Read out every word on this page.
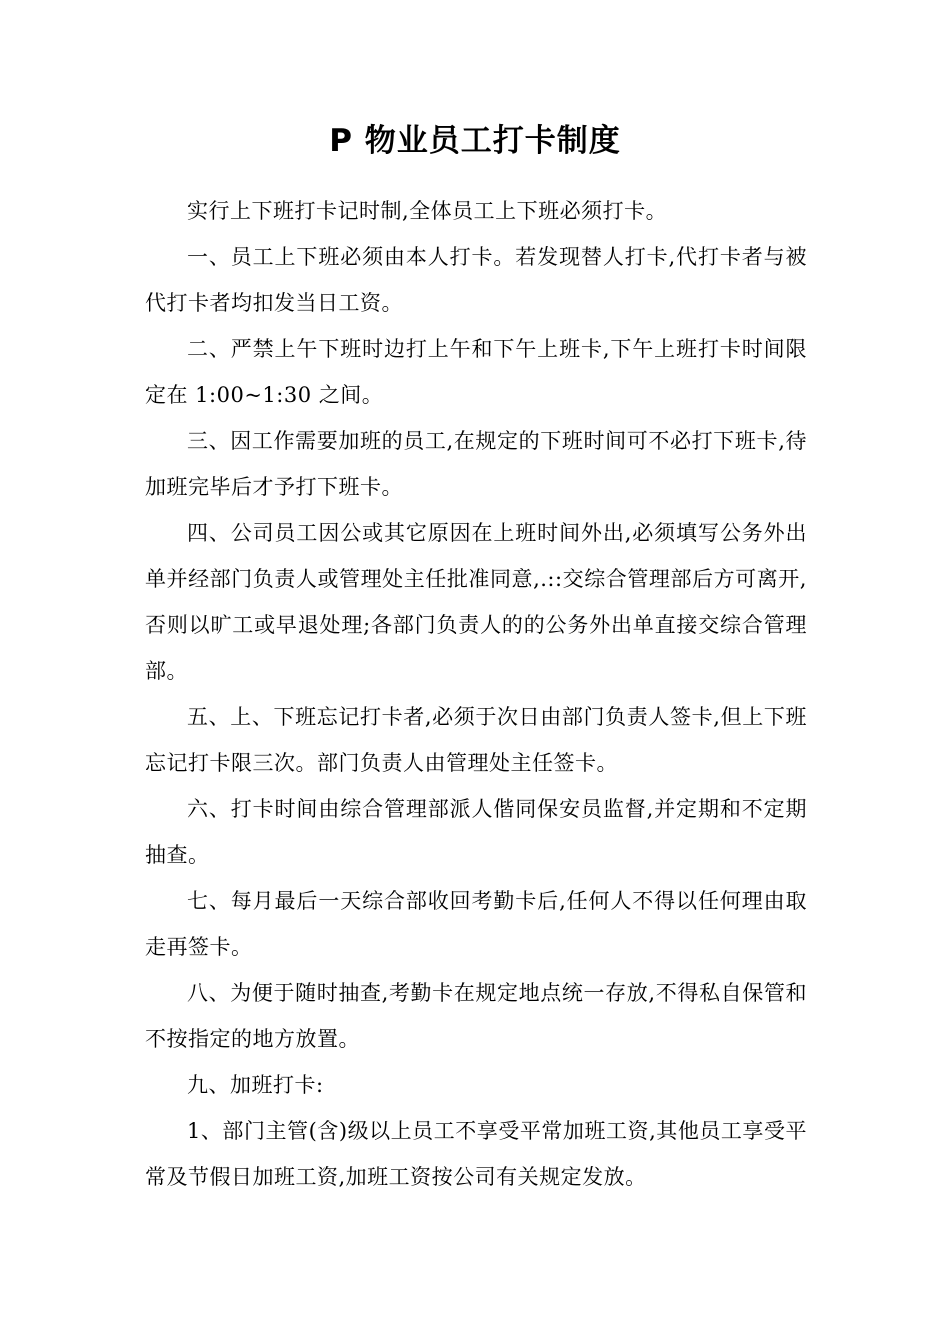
P 物业员工打卡制度

实行上下班打卡记时制,全体员工上下班必须打卡。

一、员工上下班必须由本人打卡。若发现替人打卡,代打卡者与被代打卡者均扣发当日工资。

二、严禁上午下班时边打上午和下午上班卡,下午上班打卡时间限定在 1:00~1:30 之间。

三、因工作需要加班的员工,在规定的下班时间可不必打下班卡,待加班完毕后才予打下班卡。

四、公司员工因公或其它原因在上班时间外出,必须填写公务外出单并经部门负责人或管理处主任批准同意,.::交综合管理部后方可离开,否则以旷工或早退处理;各部门负责人的的公务外出单直接交综合管理部。

五、上、下班忘记打卡者,必须于次日由部门负责人签卡,但上下班忘记打卡限三次。部门负责人由管理处主任签卡。

六、打卡时间由综合管理部派人偕同保安员监督,并定期和不定期抽查。

七、每月最后一天综合部收回考勤卡后,任何人不得以任何理由取走再签卡。

八、为便于随时抽查,考勤卡在规定地点统一存放,不得私自保管和不按指定的地方放置。

九、加班打卡:

1、部门主管(含)级以上员工不享受平常加班工资,其他员工享受平常及节假日加班工资,加班工资按公司有关规定发放。
